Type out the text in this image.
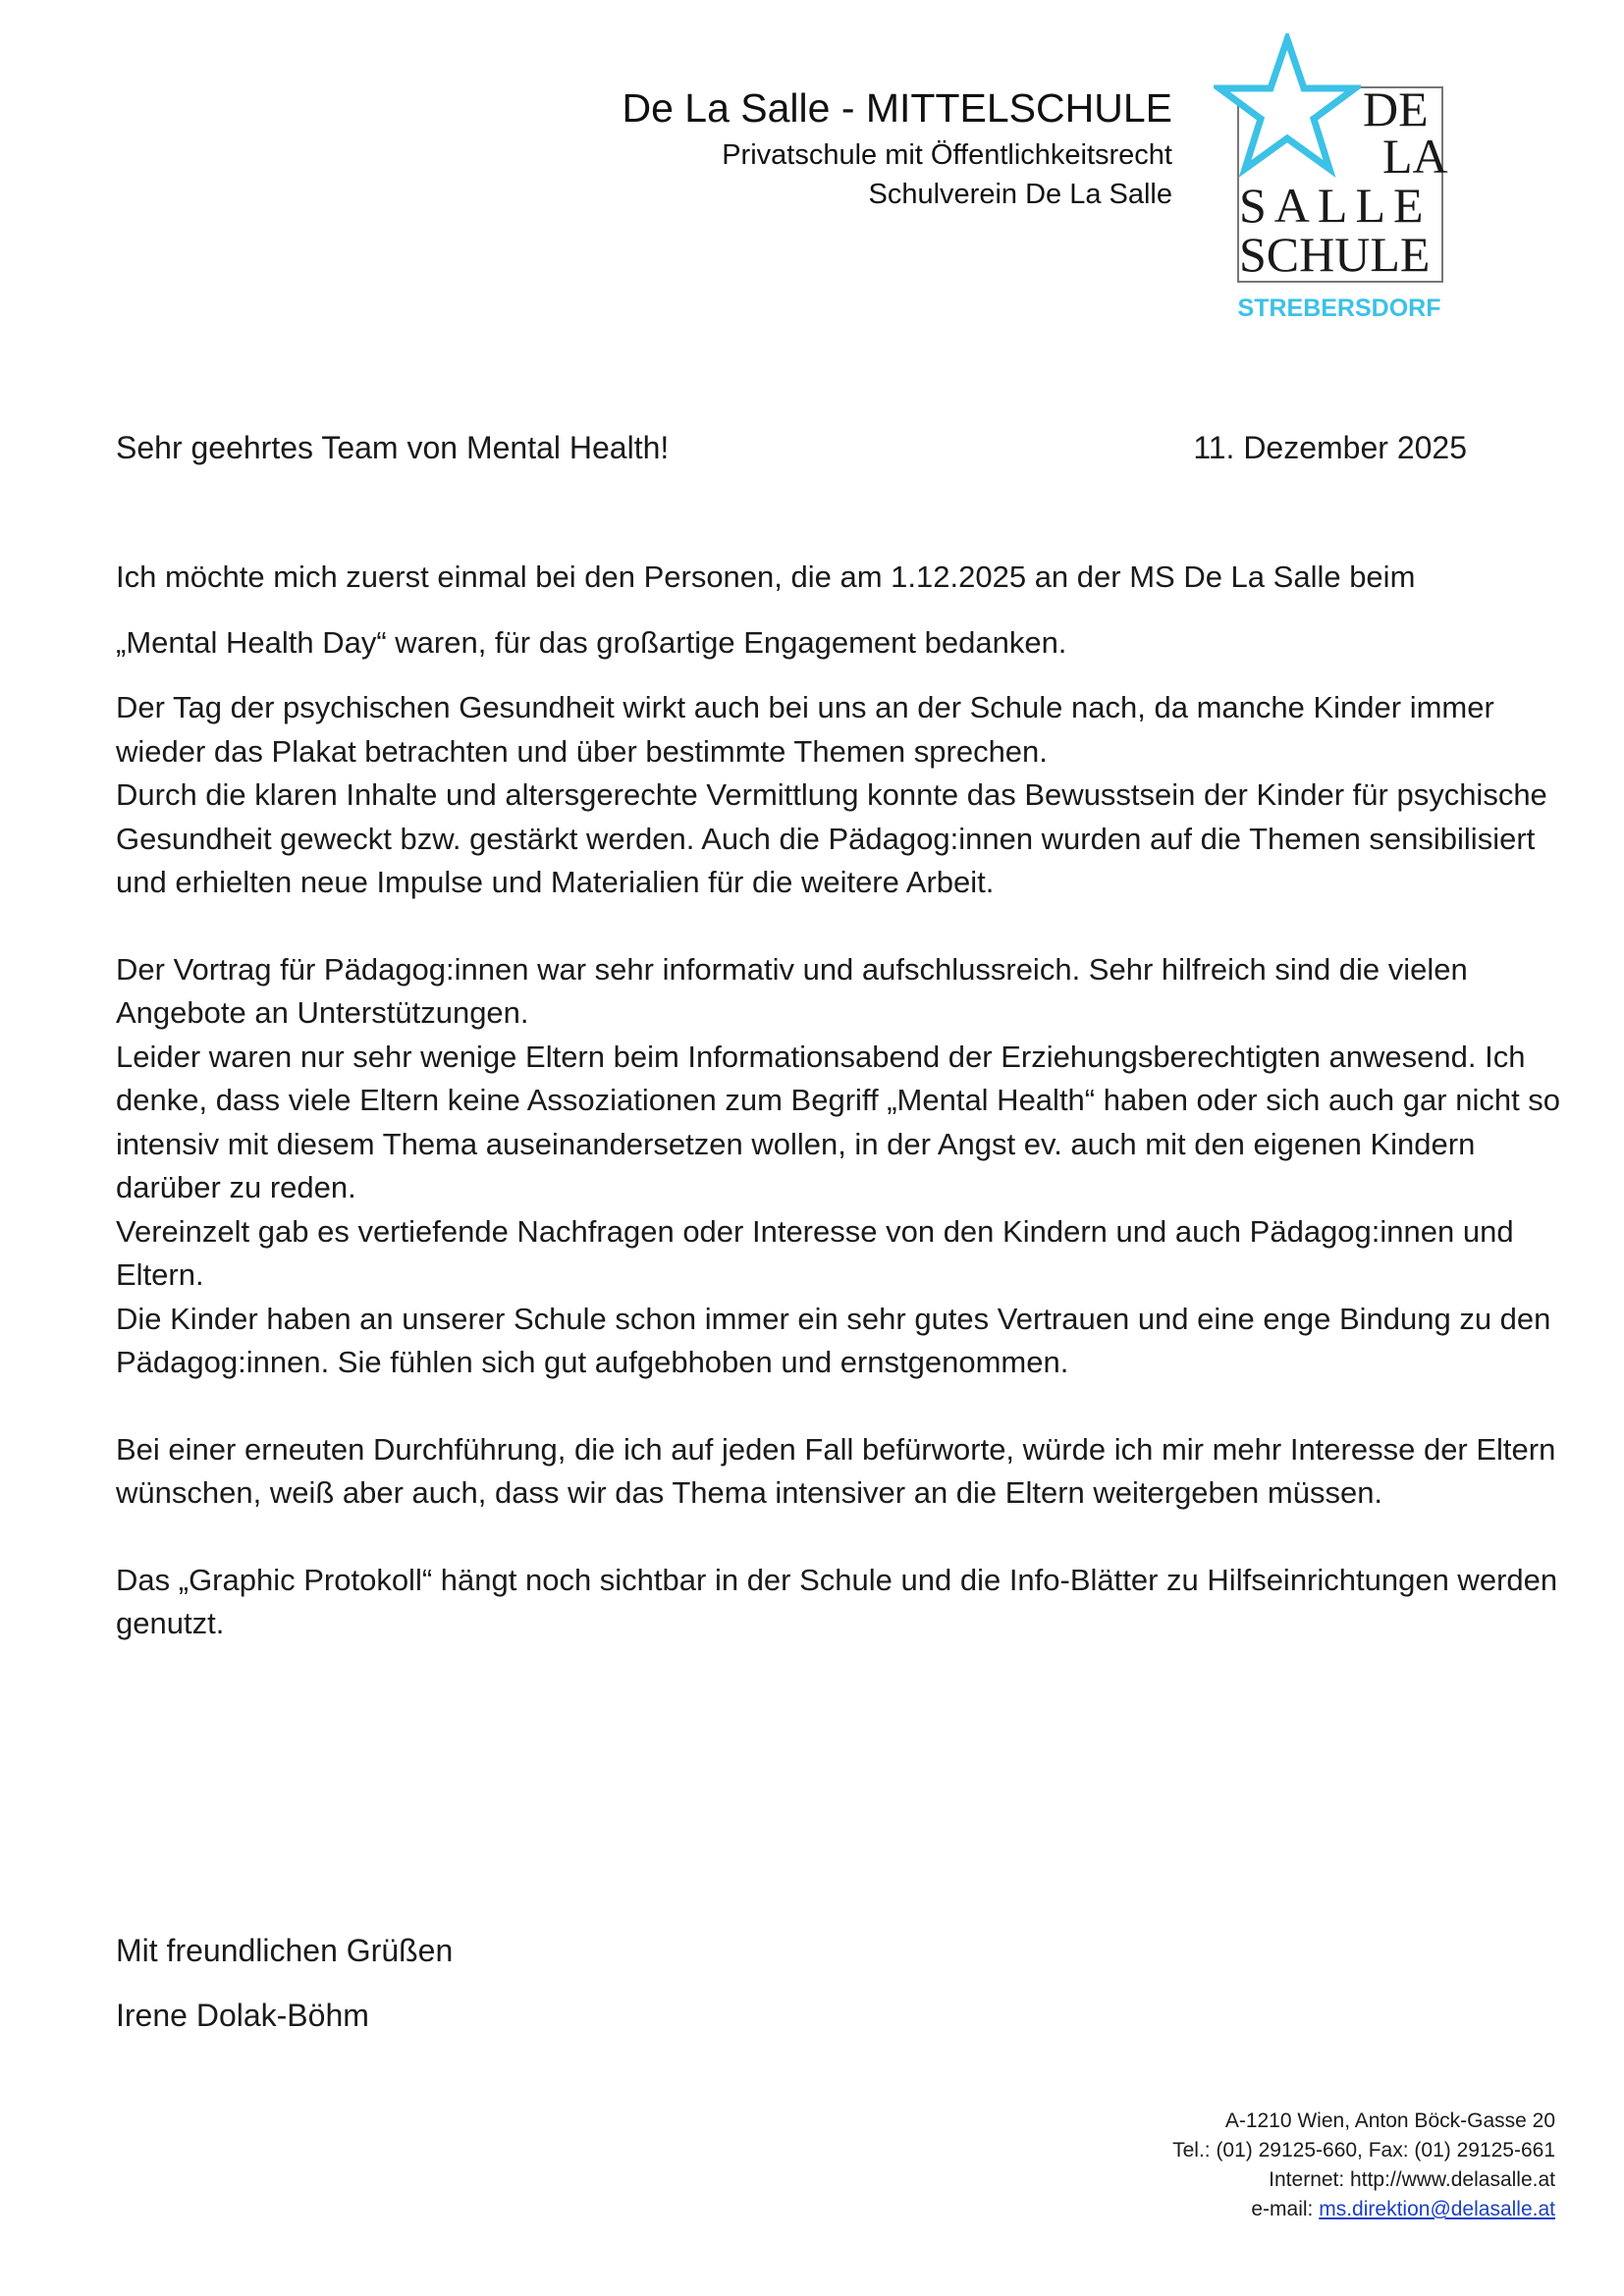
De La Salle - MITTELSCHULE
Privatschule mit Öffentlichkeitsrecht
Schulverein De La Salle
DE
LA
SALLE
SCHULE
STREBERSDORF
Sehr geehrtes Team von Mental Health!	11. Dezember 2025

Ich möchte mich zuerst einmal bei den Personen, die am 1.12.2025 an der MS De La Salle beim

„Mental Health Day“ waren, für das großartige Engagement bedanken.

Der Tag der psychischen Gesundheit wirkt auch bei uns an der Schule nach, da manche Kinder immer wieder das Plakat betrachten und über bestimmte Themen sprechen.

Durch die klaren Inhalte und altersgerechte Vermittlung konnte das Bewusstsein der Kinder für psychische Gesundheit geweckt bzw. gestärkt werden. Auch die Pädagog:innen wurden auf die Themen sensibilisiert und erhielten neue Impulse und Materialien für die weitere Arbeit.

Der Vortrag für Pädagog:innen war sehr informativ und aufschlussreich. Sehr hilfreich sind die vielen Angebote an Unterstützungen.

Leider waren nur sehr wenige Eltern beim Informationsabend der Erziehungsberechtigten anwesend. Ich denke, dass viele Eltern keine Assoziationen zum Begriff „Mental Health“ haben oder sich auch gar nicht so intensiv mit diesem Thema auseinandersetzen wollen, in der Angst ev. auch mit den eigenen Kindern darüber zu reden.

Vereinzelt gab es vertiefende Nachfragen oder Interesse von den Kindern und auch Pädagog:innen und Eltern.

Die Kinder haben an unserer Schule schon immer ein sehr gutes Vertrauen und eine enge Bindung zu den Pädagog:innen. Sie fühlen sich gut aufgebhoben und ernstgenommen.

Bei einer erneuten Durchführung, die ich auf jeden Fall befürworte, würde ich mir mehr Interesse der Eltern wünschen, weiß aber auch, dass wir das Thema intensiver an die Eltern weitergeben müssen.

Das „Graphic Protokoll“ hängt noch sichtbar in der Schule und die Info-Blätter zu Hilfseinrichtungen werden genutzt.

Mit freundlichen Grüßen

Irene Dolak-Böhm

A-1210 Wien, Anton Böck-Gasse 20

Tel.: (01) 29125-660, Fax: (01) 29125-661

Internet: http://www.delasalle.at

e-mail: ms.direktion@delasalle.at
